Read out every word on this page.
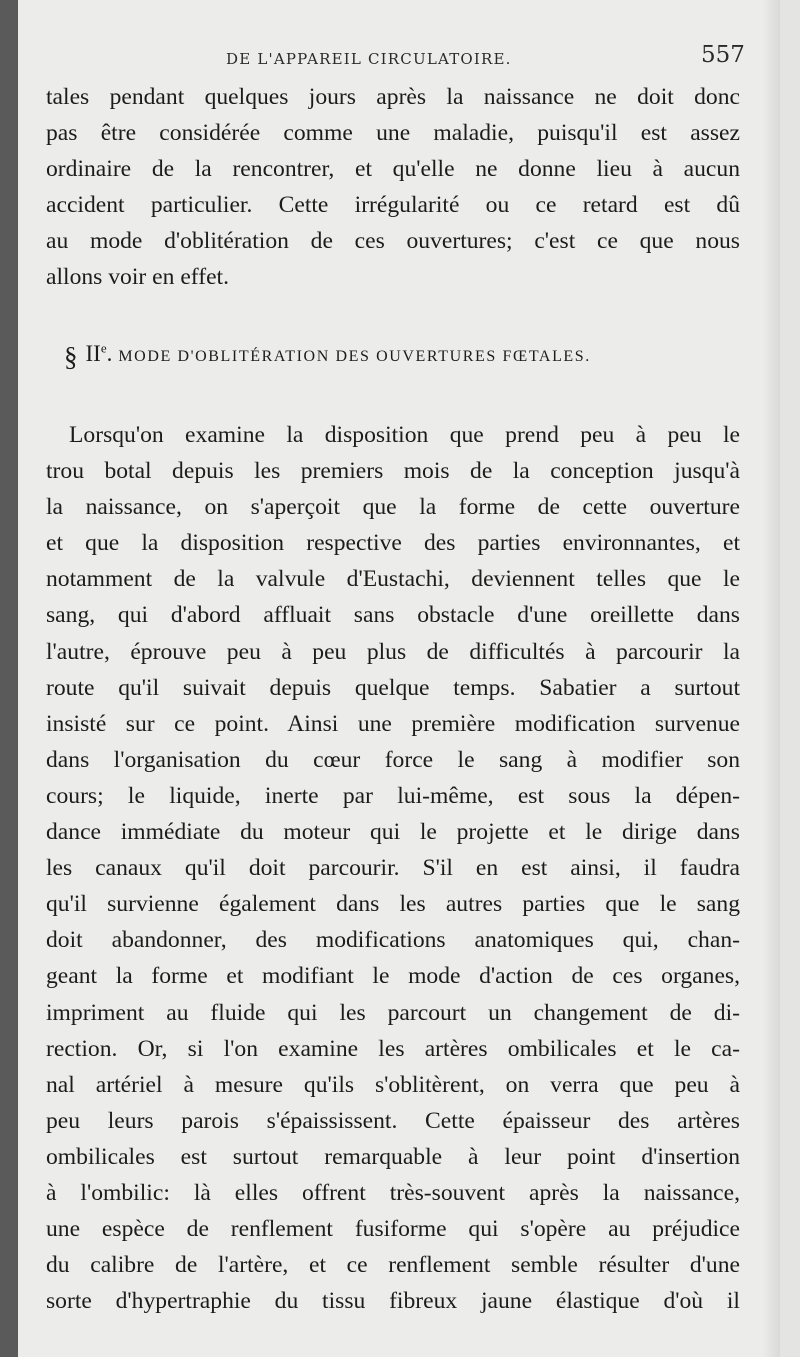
DE L'APPAREIL CIRCULATOIRE.	557
tales pendant quelques jours après la naissance ne doit donc
pas être considérée comme une maladie, puisqu'il est assez
ordinaire de la rencontrer, et qu'elle ne donne lieu à aucun
accident particulier. Cette irrégularité ou ce retard est dû
au mode d'oblitération de ces ouvertures; c'est ce que nous
allons voir en effet.
§ IIe. MODE D'OBLITÉRATION DES OUVERTURES FŒTALES.
Lorsqu'on examine la disposition que prend peu à peu le
trou botal depuis les premiers mois de la conception jusqu'à
la naissance, on s'aperçoit que la forme de cette ouverture
et que la disposition respective des parties environnantes, et
notamment de la valvule d'Eustachi, deviennent telles que le
sang, qui d'abord affluait sans obstacle d'une oreillette dans
l'autre, éprouve peu à peu plus de difficultés à parcourir la
route qu'il suivait depuis quelque temps. Sabatier a surtout
insisté sur ce point. Ainsi une première modification survenue
dans l'organisation du cœur force le sang à modifier son
cours; le liquide, inerte par lui-même, est sous la dépen-
dance immédiate du moteur qui le projette et le dirige dans
les canaux qu'il doit parcourir. S'il en est ainsi, il faudra
qu'il survienne également dans les autres parties que le sang
doit abandonner, des modifications anatomiques qui, chan-
geant la forme et modifiant le mode d'action de ces organes,
impriment au fluide qui les parcourt un changement de di-
rection. Or, si l'on examine les artères ombilicales et le ca-
nal artériel à mesure qu'ils s'oblitèrent, on verra que peu à
peu leurs parois s'épaississent. Cette épaisseur des artères
ombilicales est surtout remarquable à leur point d'insertion
à l'ombilic: là elles offrent très-souvent après la naissance,
une espèce de renflement fusiforme qui s'opère au préjudice
du calibre de l'artère, et ce renflement semble résulter d'une
sorte d'hypertraphie du tissu fibreux jaune élastique d'où il
